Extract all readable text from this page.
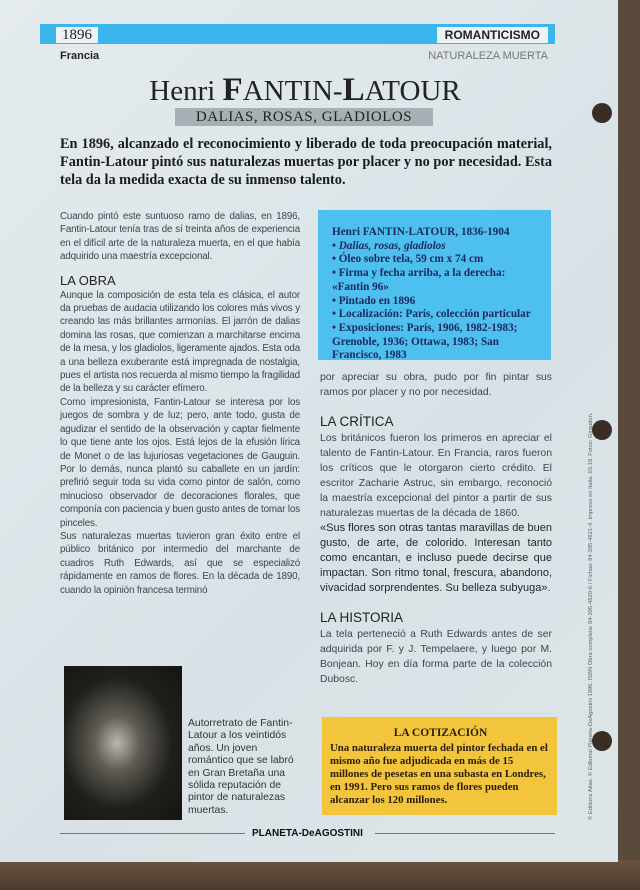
1896	ROMANTICISMO
Francia	NATURALEZA MUERTA
Henri FANTIN-LATOUR
DALIAS, ROSAS, GLADIOLOS
En 1896, alcanzado el reconocimiento y liberado de toda preocupación material, Fantin-Latour pintó sus naturalezas muertas por placer y no por necesidad. Esta tela da la medida exacta de su inmenso talento.

Cuando pintó este suntuoso ramo de dalias, en 1896, Fantin-Latour tenía tras de sí treinta años de experiencia en el difícil arte de la naturaleza muerta, en el que había adquirido una maestría excepcional.

LA OBRA

Aunque la composición de esta tela es clásica, el autor da pruebas de audacia utilizando los colores más vivos y creando las más brillantes armonías. El jarrón de dalias domina las rosas, que comienzan a marchitarse encima de la mesa, y los gladiolos, ligeramente ajados. Esta oda a una belleza exuberante está impregnada de nostalgia, pues el artista nos recuerda al mismo tiempo la fragilidad de la belleza y su carácter efímero.

Como impresionista, Fantin-Latour se interesa por los juegos de sombra y de luz; pero, ante todo, gusta de agudizar el sentido de la observación y captar fielmente lo que tiene ante los ojos. Está lejos de la efusión lírica de Monet o de las lujuriosas vegetaciones de Gauguin. Por lo demás, nunca plantó su caballete en un jardín: prefirió seguir toda su vida como pintor de salón, como minucioso observador de decoraciones florales, que componía con paciencia y buen gusto antes de tomar los pinceles.

Sus naturalezas muertas tuvieron gran éxito entre el público británico por intermedio del marchante de cuadros Ruth Edwards, así que se especializó rápidamente en ramos de flores. En la década de 1890, cuando la opinión francesa terminó

Henri FANTIN-LATOUR, 1836-1904
• Dalias, rosas, gladiolos
• Óleo sobre tela, 59 cm x 74 cm
• Firma y fecha arriba, a la derecha: «Fantin 96»
• Pintado en 1896
• Localización: París, colección particular
• Exposiciones: París, 1906, 1982-1983; Grenoble, 1936; Ottawa, 1983; San Francisco, 1983

por apreciar su obra, pudo por fin pintar sus ramos por placer y no por necesidad.

LA CRÍTICA

Los británicos fueron los primeros en apreciar el talento de Fantin-Latour. En Francia, raros fueron los críticos que le otorgaron cierto crédito. El escritor Zacharie Astruc, sin embargo, reconoció la maestría excepcional del pintor a partir de sus naturalezas muertas de la década de 1860.

«Sus flores son otras tantas maravillas de buen gusto, de arte, de colorido. Interesan tanto como encantan, e incluso puede decirse que impactan. Son ritmo tonal, frescura, abandono, vivacidad sorprendentes. Su belleza subyuga».

LA HISTORIA

La tela perteneció a Ruth Edwards antes de ser adquirida por F. y J. Tempelaere, y luego por M. Bonjean. Hoy en día forma parte de la colección Dubosc.

Autorretrato de Fantin-Latour a los veintidós años. Un joven romántico que se labró en Gran Bretaña una sólida reputación de pintor de naturalezas muertas.
LA COTIZACIÓN
Una naturaleza muerta del pintor fechada en el mismo año fue adjudicada en más de 15 millones de pesetas en una subasta en Londres, en 1991. Pero sus ramos de flores pueden alcanzar los 120 millones.
PLANETA-DeAGOSTINI
© Editions Atlas. © Editorial Planeta-DeAgostini 1996. ISBN Obra completa: 84-395-4820-6 / Fichas: 84-395-4821-4. Impreso en Italia. 03.19. Fotos: Giraudon.
